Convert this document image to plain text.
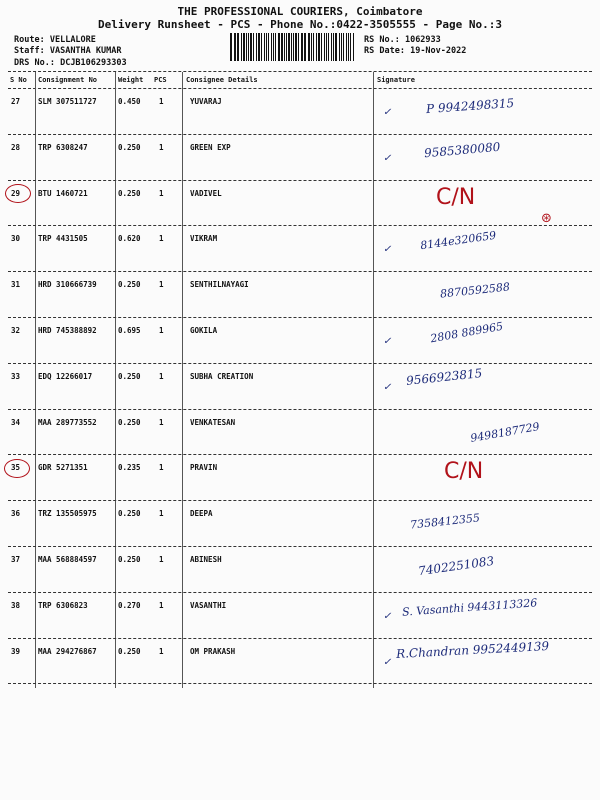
THE PROFESSIONAL COURIERS, Coimbatore
Delivery Runsheet - PCS - Phone No.:0422-3505555 - Page No.:3
Route: VELLALORE
Staff: VASANTHA KUMAR
DRS No.: DCJB106293303
RS No.: 1062933
RS Date: 19-Nov-2022
S No Consignment No	Weight PCS	Consignee Details	Signature
27 SLM 307511727	0.450 1	YUVARAJ	P 9942498315
✓
28 TRP 6308247	0.250 1	GREEN EXP	9585380080
✓
29 BTU 1460721	0.250 1	VADIVEL	C/N
30 TRP 4431505	0.620 1	VIKRAM	8144e320659
✓
31 HRD 310666739	0.250 1	SENTHILNAYAGI	8870592588
32 HRD 745388892	0.695 1	GOKILA	2808 889965
✓
33 EDQ 12266017	0.250 1	SUBHA CREATION	9566923815
✓
34 MAA 289773552	0.250 1	VENKATESAN	9498187729
35 GDR 5271351	0.235 1	PRAVIN	C/N
36 TRZ 135505975	0.250 1	DEEPA	7358412355
37 MAA 568884597	0.250 1	ABINESH	7402251083
38 TRP 6306823	0.270 1	VASANTHI	S. Vasanthi 9443113326
✓
39 MAA 294276867	0.250 1	OM PRAKASH	R.Chandran 9952449139
✓
⊛
